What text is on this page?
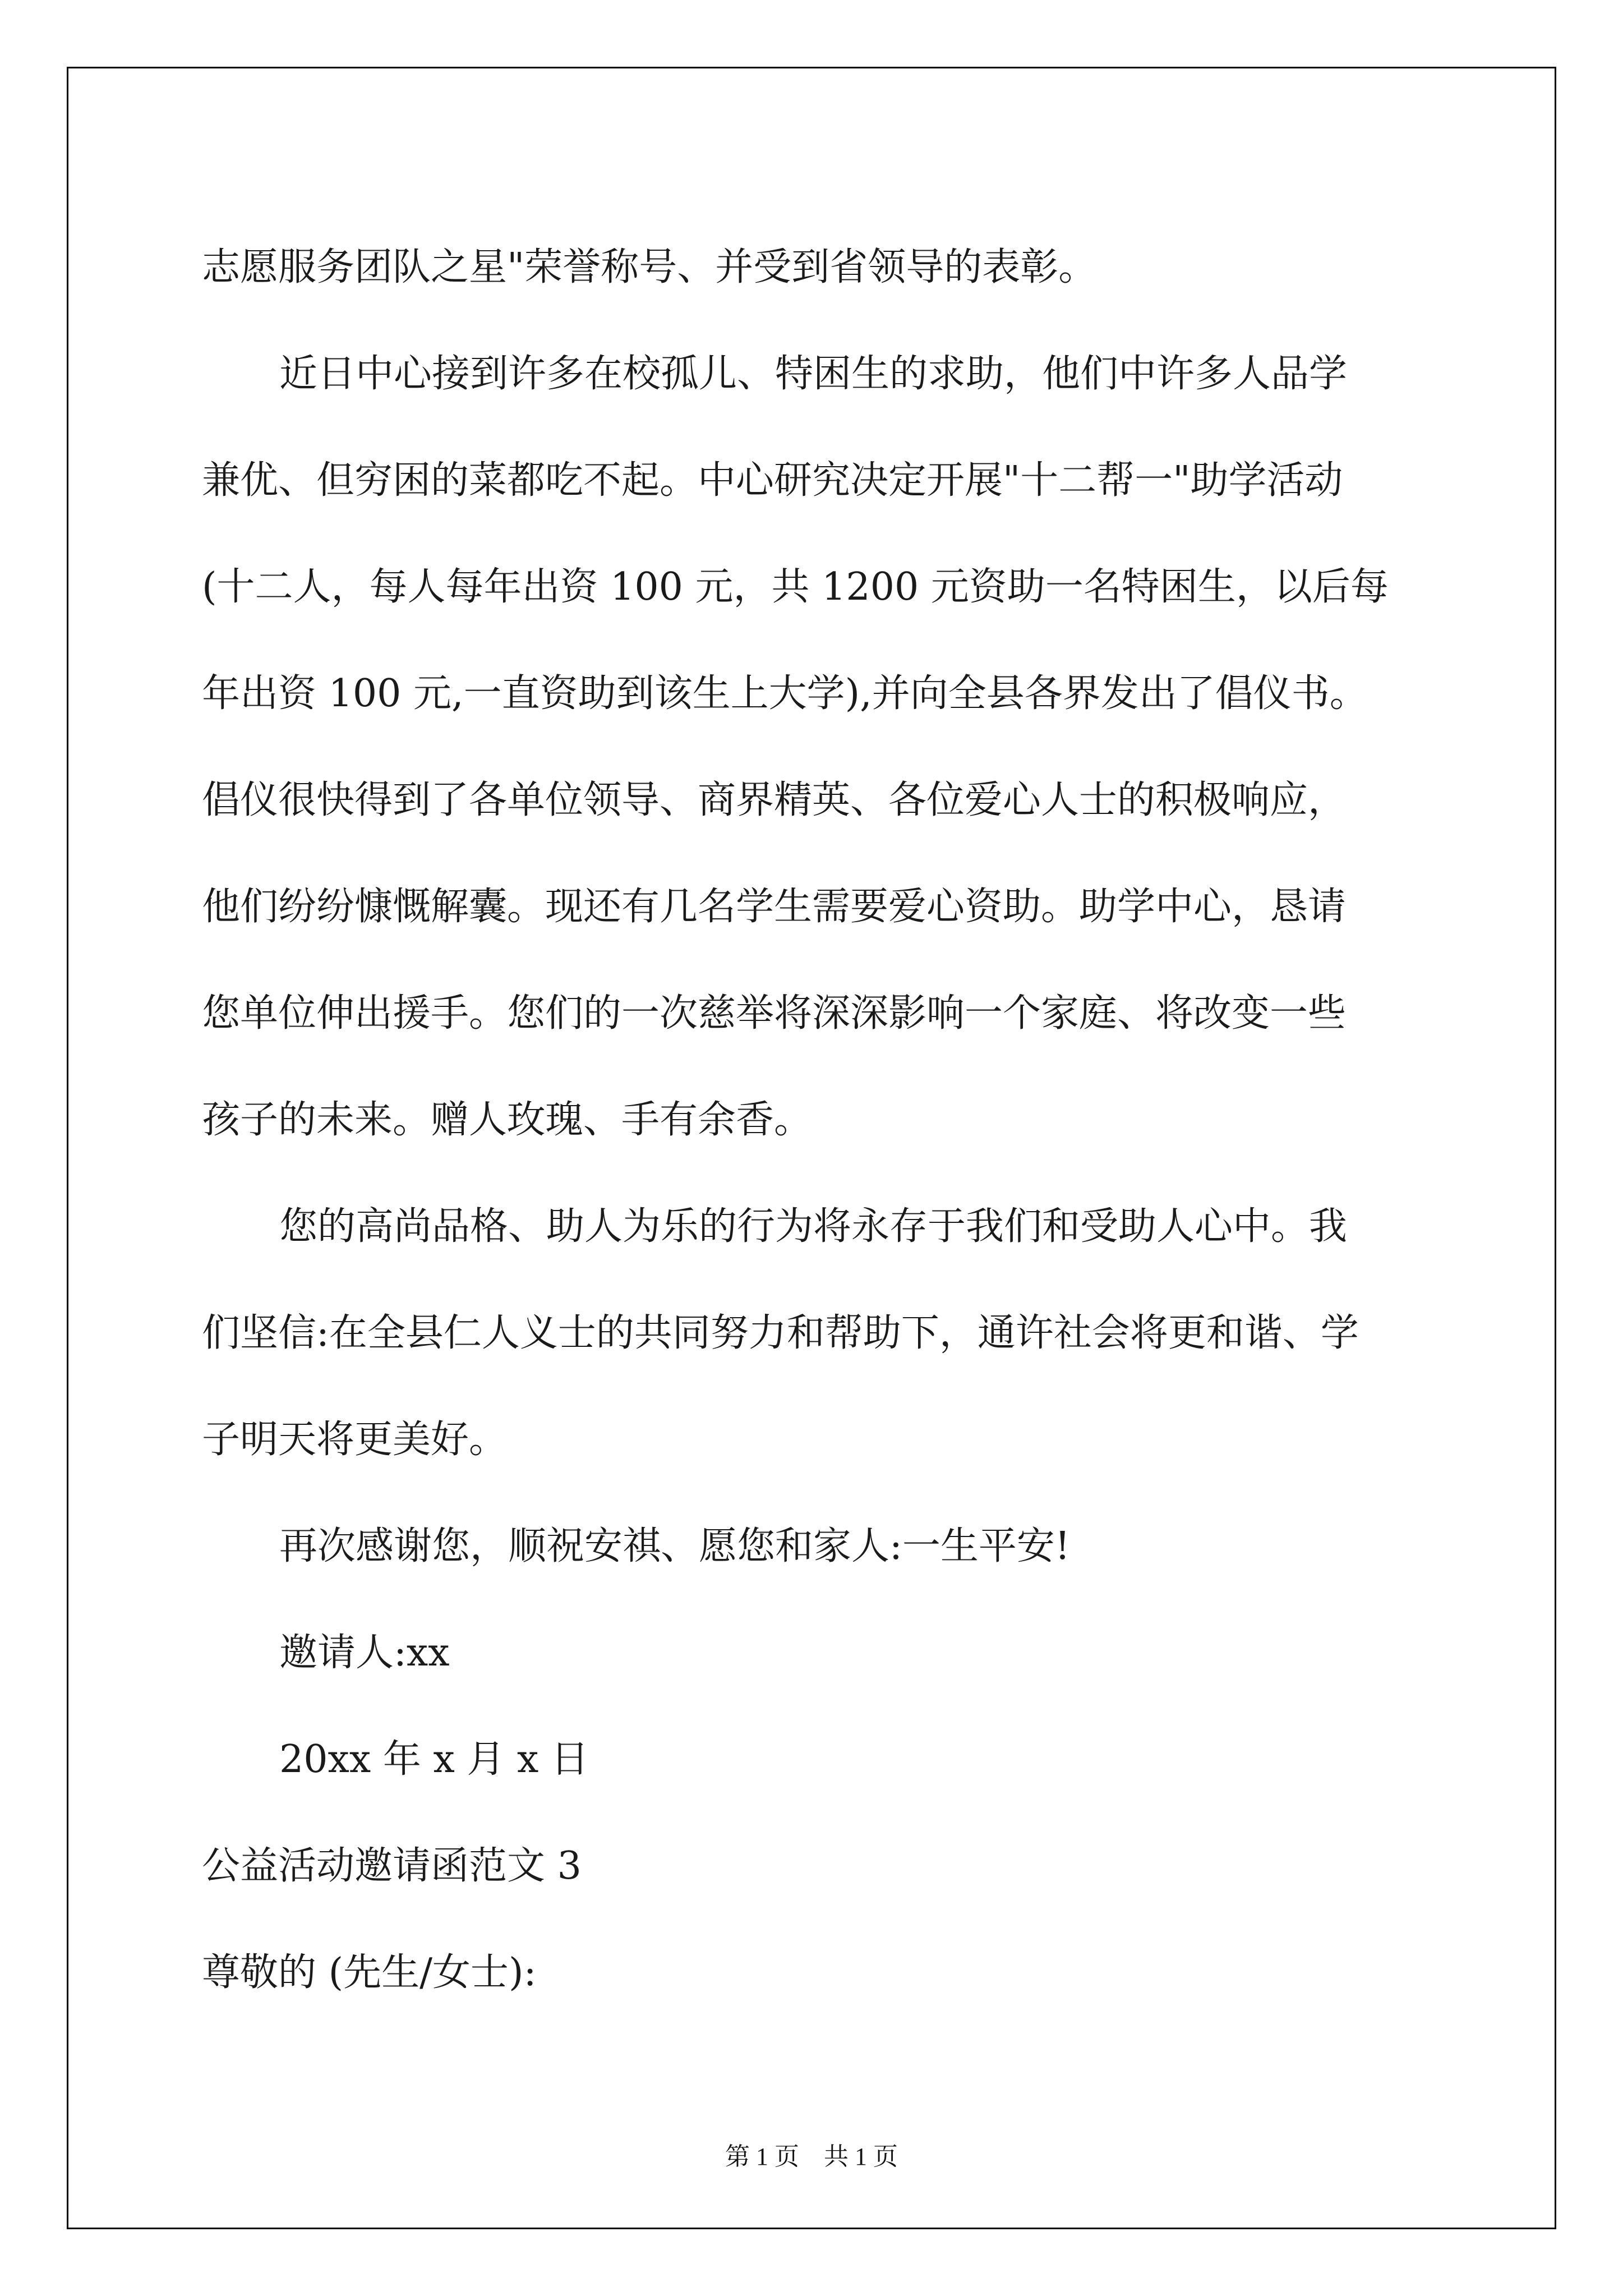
志愿服务团队之星"荣誉称号、并受到省领导的表彰。
近日中心接到许多在校孤儿、特困生的求助，他们中许多人品学
兼优、但穷困的菜都吃不起。中心研究决定开展"十二帮一"助学活动
(十二人，每人每年出资 100 元，共 1200 元资助一名特困生，以后每
年出资 100 元,一直资助到该生上大学),并向全县各界发出了倡仪书。
倡仪很快得到了各单位领导、商界精英、各位爱心人士的积极响应，
他们纷纷慷慨解囊。现还有几名学生需要爱心资助。助学中心，恳请
您单位伸出援手。您们的一次慈举将深深影响一个家庭、将改变一些
孩子的未来。赠人玫瑰、手有余香。
您的高尚品格、助人为乐的行为将永存于我们和受助人心中。我
们坚信:在全县仁人义士的共同努力和帮助下，通许社会将更和谐、学
子明天将更美好。
再次感谢您，顺祝安祺、愿您和家人:一生平安!
邀请人:xx
20xx 年 x 月 x 日
公益活动邀请函范文 3
尊敬的 (先生/女士):
第 1 页　共 1 页
